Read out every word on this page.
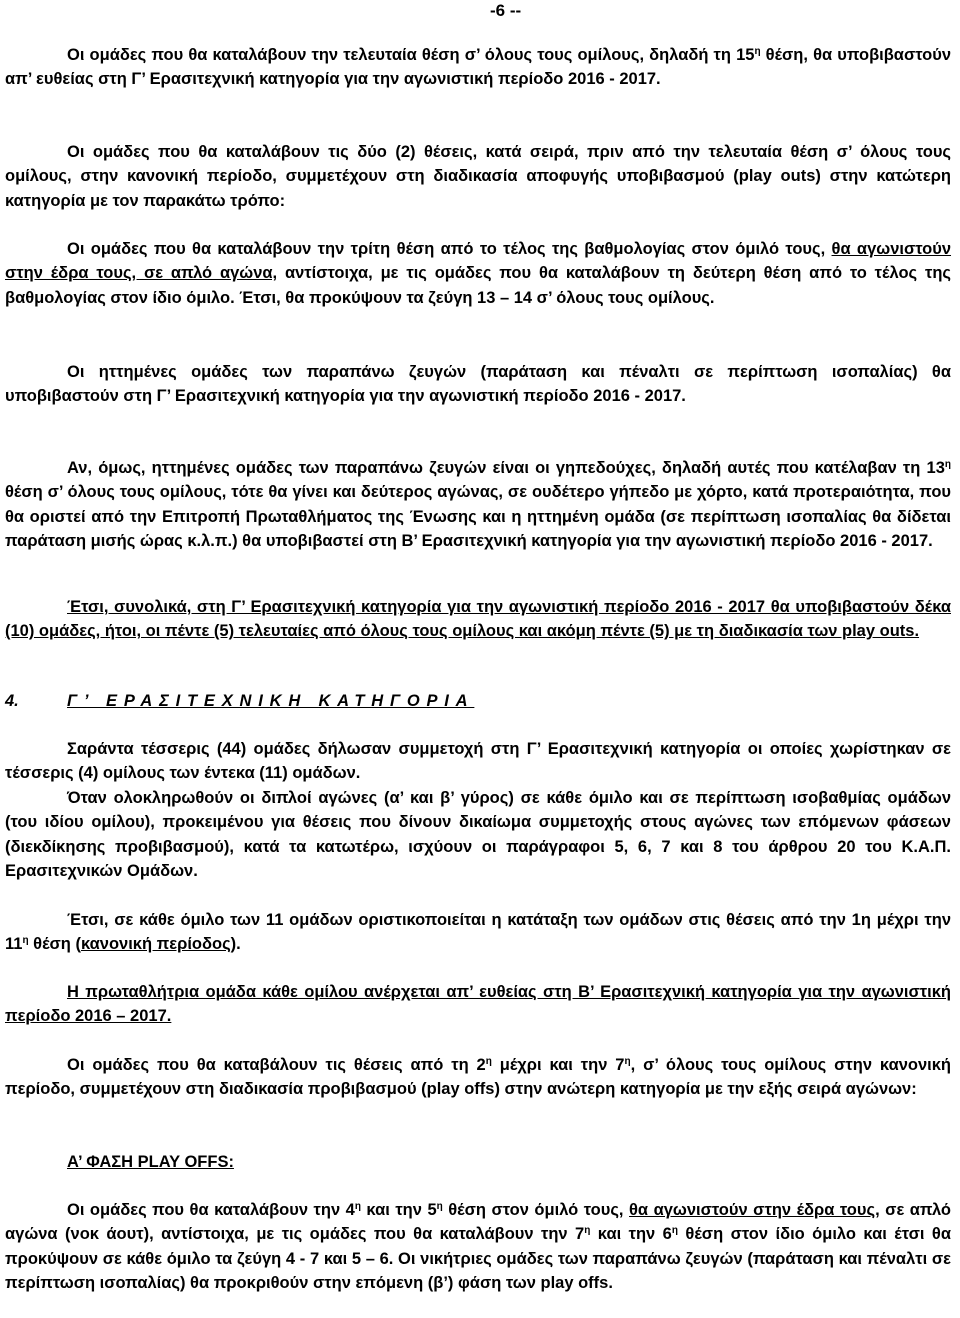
-6 --

Οι ομάδες που θα καταλάβουν την τελευταία θέση σ’ όλους τους ομίλους, δηλαδή τη $15^\eta$ θέση, θα υποβιβαστούν απ’ ευθείας στη Γ’ Ερασιτεχνική κατηγορία για την αγωνιστική περίοδο 2016 - 2017.

Οι ομάδες που θα καταλάβουν τις δύο (2) θέσεις, κατά σειρά, πριν από την τελευταία θέση σ’ όλους τους ομίλους, στην κανονική περίοδο, συμμετέχουν στη διαδικασία αποφυγής υποβιβασμού (play outs) στην κατώτερη κατηγορία με τον παρακάτω τρόπο:

Οι ομάδες που θα καταλάβουν την τρίτη θέση από το τέλος της βαθμολογίας στον όμιλό τους, θα αγωνιστούν στην έδρα τους, σε απλό αγώνα, αντίστοιχα, με τις ομάδες που θα καταλάβουν τη δεύτερη θέση από το τέλος της βαθμολογίας στον ίδιο όμιλο. Έτσι, θα προκύψουν τα ζεύγη 13 – 14 σ’ όλους τους ομίλους.

Οι ηττημένες ομάδες των παραπάνω ζευγών (παράταση και πέναλτι σε περίπτωση ισοπαλίας) θα υποβιβαστούν στη Γ’ Ερασιτεχνική κατηγορία για την αγωνιστική περίοδο 2016 - 2017.

Αν, όμως, ηττημένες ομάδες των παραπάνω ζευγών είναι οι γηπεδούχες, δηλαδή αυτές που κατέλαβαν τη $13^\eta$ θέση σ’ όλους τους ομίλους, τότε θα γίνει και δεύτερος αγώνας, σε ουδέτερο γήπεδο με χόρτο, κατά προτεραιότητα, που θα οριστεί από την Επιτροπή Πρωταθλήματος της Ένωσης και η ηττημένη ομάδα (σε περίπτωση ισοπαλίας θα δίδεται παράταση μισής ώρας κ.λ.π.) θα υποβιβαστεί στη Β’ Ερασιτεχνική κατηγορία για την αγωνιστική περίοδο 2016 - 2017.

Έτσι, συνολικά, στη Γ’ Ερασιτεχνική κατηγορία για την αγωνιστική περίοδο 2016 - 2017 θα υποβιβαστούν δέκα (10) ομάδες, ήτοι, οι πέντε (5) τελευταίες από όλους τους ομίλους και ακόμη πέντε (5) με τη διαδικασία των play outs.

4.	Γ’ ΕΡΑΣΙΤΕΧΝΙΚΗ ΚΑΤΗΓΟΡΙΑ

Σαράντα τέσσερις (44) ομάδες δήλωσαν συμμετοχή στη Γ’ Ερασιτεχνική κατηγορία οι οποίες χωρίστηκαν σε τέσσερις (4) ομίλους των έντεκα (11) ομάδων.

Όταν ολοκληρωθούν οι διπλοί αγώνες (α’ και β’ γύρος) σε κάθε όμιλο και σε περίπτωση ισοβαθμίας ομάδων (του ιδίου ομίλου), προκειμένου για θέσεις που δίνουν δικαίωμα συμμετοχής στους αγώνες των επόμενων φάσεων (διεκδίκησης προβιβασμού), κατά τα κατωτέρω, ισχύουν οι παράγραφοι 5, 6, 7 και 8 του άρθρου 20 του Κ.Α.Π. Ερασιτεχνικών Ομάδων.

Έτσι, σε κάθε όμιλο των 11 ομάδων οριστικοποιείται η κατάταξη των ομάδων στις θέσεις από την 1η μέχρι την $11^\eta$ θέση (κανονική περίοδος).

Η πρωταθλήτρια ομάδα κάθε ομίλου ανέρχεται απ’ ευθείας στη Β’ Ερασιτεχνική κατηγορία για την αγωνιστική περίοδο 2016 – 2017.

Οι ομάδες που θα καταβάλουν τις θέσεις από τη $2^\eta$ μέχρι και την $7^\eta$, σ’ όλους τους ομίλους στην κανονική περίοδο, συμμετέχουν στη διαδικασία προβιβασμού (play offs) στην ανώτερη κατηγορία με την εξής σειρά αγώνων:

Α’ ΦΑΣΗ PLAY OFFS:

Οι ομάδες που θα καταλάβουν την $4^\eta$ και την $5^\eta$ θέση στον όμιλό τους, θα αγωνιστούν στην έδρα τους, σε απλό αγώνα (νοκ άουτ), αντίστοιχα, με τις ομάδες που θα καταλάβουν την $7^\eta$ και την $6^\eta$ θέση στον ίδιο όμιλο και έτσι θα προκύψουν σε κάθε όμιλο τα ζεύγη 4 - 7 και 5 – 6. Οι νικήτριες ομάδες των παραπάνω ζευγών (παράταση και πέναλτι σε περίπτωση ισοπαλίας) θα προκριθούν στην επόμενη (β’) φάση των play offs.
